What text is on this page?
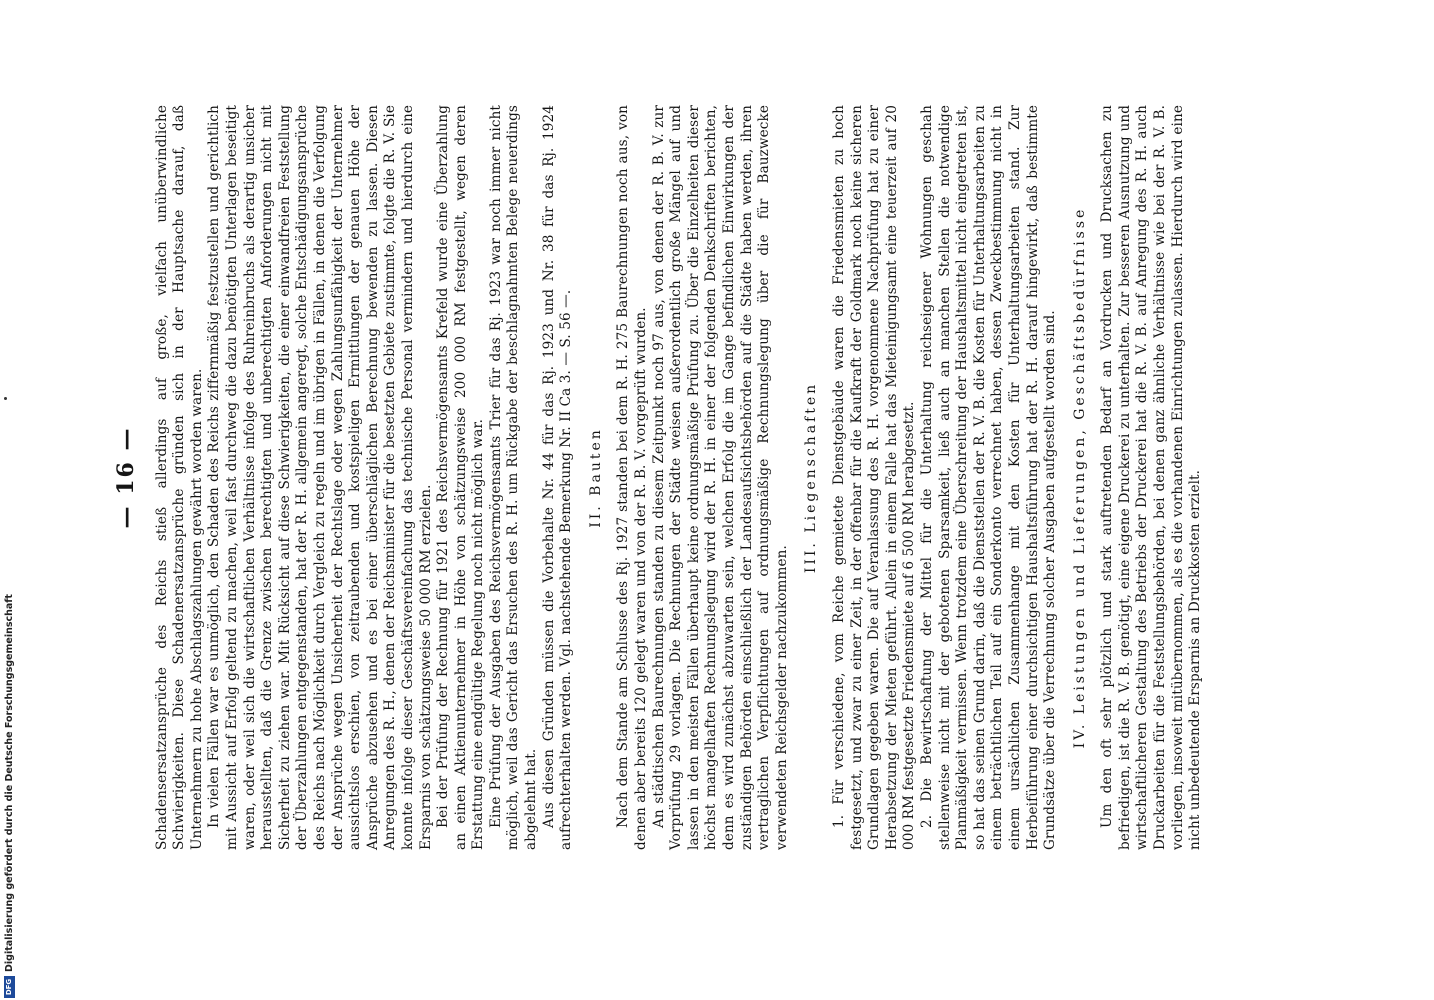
DFG
Digitalisierung gefördert durch die Deutsche Forschungsgemeinschaft
— 16 — Schadensersatzansprüche des Reichs stieß allerdings auf große, vielfach unüberwindliche Schwierigkeiten. Diese Schadenersatzansprüche gründen sich in der Hauptsache darauf, daß Unternehmern zu hohe Abschlagszahlungen gewährt worden waren. In vielen Fällen war es unmöglich, den Schaden des Reichs ziffernmäßig festzustellen und gerichtlich mit Aussicht auf Erfolg geltend zu machen, weil fast durchweg die dazu benötigten Unterlagen beseitigt waren, oder weil sich die wirtschaftlichen Verhältnisse infolge des Ruhreinbruchs als derartig unsicher herausstellten, daß die Grenze zwischen berechtigten und unberechtigten Anforderungen nicht mit Sicherheit zu ziehen war. Mit Rücksicht auf diese Schwierigkeiten, die einer einwandfreien Feststellung der Überzahlungen entgegenstanden, hat der R. H. allgemein angeregt, solche Entschädigungsansprüche des Reichs nach Möglichkeit durch Vergleich zu regeln und im übrigen in Fällen, in denen die Verfolgung der Ansprüche wegen Unsicherheit der Rechtslage oder wegen Zahlungsunfähigkeit der Unternehmer aussichtslos erschien, von zeitraubenden und kostspieligen Ermittlungen der genauen Höhe der Ansprüche abzusehen und es bei einer überschläglichen Berechnung bewenden zu lassen. Diesen Anregungen des R. H., denen der Reichsminister für die besetzten Gebiete zustimmte, folgte die R. V. Sie konnte infolge dieser Geschäftsvereinfachung das technische Personal vermindern und hierdurch eine Ersparnis von schätzungsweise 50 000 RM erzielen. Bei der Prüfung der Rechnung für 1921 des Reichsvermögensamts Krefeld wurde eine Überzahlung an einen Aktienunternehmer in Höhe von schätzungsweise 200 000 RM festgestellt, wegen deren Erstattung eine endgültige Regelung noch nicht möglich war. Eine Prüfung der Ausgaben des Reichsvermögensamts Trier für das Rj. 1923 war noch immer nicht möglich, weil das Gericht das Ersuchen des R. H. um Rückgabe der beschlagnahmten Belege neuerdings abgelehnt hat. Aus diesen Gründen müssen die Vorbehalte Nr. 44 für das Rj. 1923 und Nr. 38 für das Rj. 1924 aufrechterhalten werden. Vgl. nachstehende Bemerkung Nr. II Ca 3. — S. 56 —. II. Bauten Nach dem Stande am Schlusse des Rj. 1927 standen bei dem R. H. 275 Baurechnungen noch aus, von denen aber bereits 120 gelegt waren und von der R. B. V. vorgeprüft wurden. An städtischen Baurechnungen standen zu diesem Zeitpunkt noch 97 aus, von denen der R. B. V. zur Vorprüfung 29 vorlagen. Die Rechnungen der Städte weisen außerordentlich große Mängel auf und lassen in den meisten Fällen überhaupt keine ordnungsmäßige Prüfung zu. Über die Einzelheiten dieser höchst mangelhaften Rechnungslegung wird der R. H. in einer der folgenden Denkschriften berichten, denn es wird zunächst abzuwarten sein, welchen Erfolg die im Gange befindlichen Einwirkungen der zuständigen Behörden einschließlich der Landesaufsichtsbehörden auf die Städte haben werden, ihren vertraglichen Verpflichtungen auf ordnungsmäßige Rechnungslegung über die für Bauzwecke verwendeten Reichsgelder nachzukommen.

III. Liegenschaften 1. Für verschiedene, vom Reiche gemietete Dienstgebäude waren die Friedensmieten zu hoch festgesetzt, und zwar zu einer Zeit, in der offenbar für die Kaufkraft der Goldmark noch keine sicheren Grundlagen gegeben waren. Die auf Veranlassung des R. H. vorgenommene Nachprüfung hat zu einer Herabsetzung der Mieten geführt. Allein in einem Falle hat das Mieteinigungsamt eine teuerzeit auf 20 000 RM festgesetzte Friedensmiete auf 6 500 RM herabgesetzt. 2. Die Bewirtschaftung der Mittel für die Unterhaltung reichseigener Wohnungen geschah stellenweise nicht mit der gebotenen Sparsamkeit, ließ auch an manchen Stellen die notwendige Planmäßigkeit vermissen. Wenn trotzdem eine Überschreitung der Haushaltsmittel nicht eingetreten ist, so hat das seinen Grund darin, daß die Dienststellen der R. V. B. die Kosten für Unterhaltungsarbeiten zu einem beträchtlichen Teil auf ein Sonderkonto verrechnet haben, dessen Zweckbestimmung nicht in einem ursächlichen Zusammenhange mit den Kosten für Unterhaltungsarbeiten stand. Zur Herbeiführung einer durchsichtigen Haushaltsführung hat der R. H. darauf hingewirkt, daß bestimmte Grundsätze über die Verrechnung solcher Ausgaben aufgestellt worden sind. IV. Leistungen und Lieferungen, Geschäftsbedürfnisse Um den oft sehr plötzlich und stark auftretenden Bedarf an Vordrucken und Drucksachen zu befriedigen, ist die R. V. B. genötigt, eine eigene Druckerei zu unterhalten. Zur besseren Ausnutzung und wirtschaftlicheren Gestaltung des Betriebs der Druckerei hat die R. V. B. auf Anregung des R. H. auch Druckarbeiten für die Feststellungsbehörden, bei denen ganz ähnliche Verhältnisse wie bei der R. V. B. vorliegen, insoweit mitübernommen, als es die vorhandenen Einrichtungen zulassen. Hierdurch wird eine nicht unbedeutende Ersparnis an Druckkosten erzielt.
